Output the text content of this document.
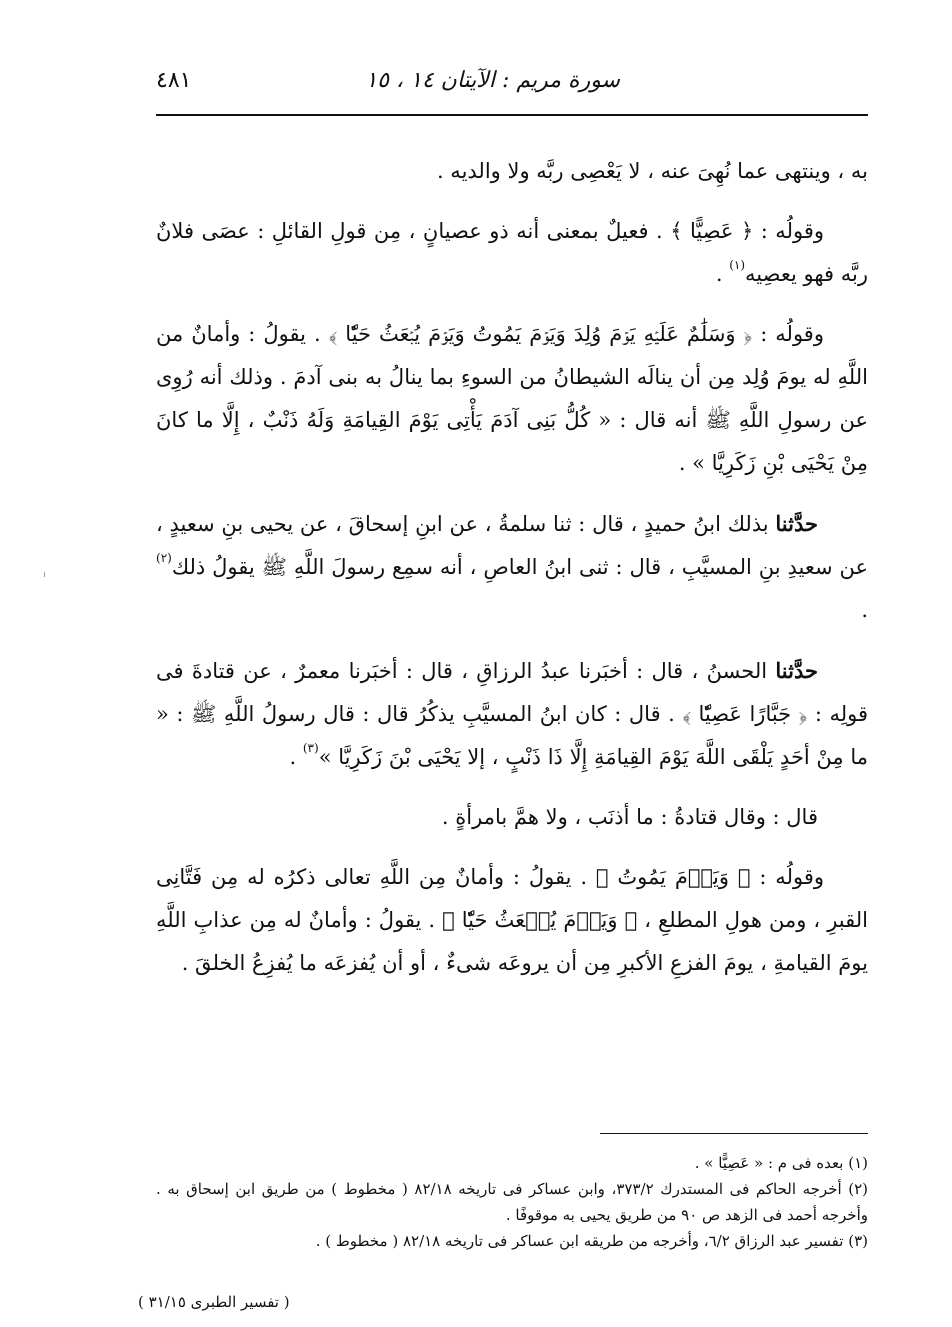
سورة مريم : الآيتان ١٤ ، ١٥
٤٨١

به ، وينتهى عما نُهِىَ عنه ، لا يَعْصِى ربَّه ولا والديه .

وقولُه : ﴿ عَصِيًّا ﴾ . فعيلٌ بمعنى أنه ذو عصيانٍ ، مِن قولِ القائلِ : عصَى فلانٌ ربَّه فهو يعصِيه$^{(١)}$ .

وقولُه : ﴿ وَسَلَٰمٌ عَلَيۡهِ يَوۡمَ وُلِدَ وَيَوۡمَ يَمُوتُ وَيَوۡمَ يُبۡعَثُ حَيّٗا ﴾ . يقولُ : وأمانٌ من اللَّهِ له يومَ وُلِد مِن أن ينالَه الشيطانُ من السوءِ بما ينالُ به بنى آدمَ . وذلك أنه رُوِى عن رسولِ اللَّهِ ﷺ أنه قال : « كُلُّ بَنِى آدَمَ يَأْتِى يَوْمَ القِيامَةِ وَلَهُ ذَنْبٌ ، إِلَّا ما كانَ مِنْ يَحْيَى بْنِ زَكَرِيَّا » .

حدَّثنا بذلك ابنُ حميدٍ ، قال : ثنا سلمةُ ، عن ابنِ إسحاقَ ، عن يحيى بنِ سعيدٍ ، عن سعيدِ بنِ المسيَّبِ ، قال : ثنى ابنُ العاصِ ، أنه سمِع رسولَ اللَّهِ ﷺ يقولُ ذلك$^{(٢)}$ .

حدَّثنا الحسنُ ، قال : أخبَرنا عبدُ الرزاقِ ، قال : أخبَرنا معمرٌ ، عن قتادةَ فى قولِه : ﴿ جَبَّارًا عَصِيّٗا ﴾ . قال : كان ابنُ المسيَّبِ يذكُرُ قال : قال رسولُ اللَّهِ ﷺ : « ما مِنْ أحَدٍ يَلْقَى اللَّهَ يَوْمَ القِيامَةِ إِلَّا ذَا ذَنْبٍ ، إلا يَحْيَى بْنَ زَكَرِيَّا »$^{(٣)}$ .

قال : وقال قتادةُ : ما أذنَب ، ولا همَّ بامرأةٍ .

وقولُه : ﴿ وَيَوۡمَ يَمُوتُ ﴾ . يقولُ : وأمانٌ مِن اللَّهِ تعالى ذكرُه له مِن فَتَّانِى القبرِ ، ومن هولِ المطلعِ ، ﴿ وَيَوۡمَ يُبۡعَثُ حَيّٗا ﴾ . يقولُ : وأمانٌ له مِن عذابِ اللَّهِ يومَ القيامةِ ، يومَ الفزعِ الأكبرِ مِن أن يروعَه شىءٌ ، أو أن يُفزعَه ما يُفزِعُ الخلقَ .

(١) بعده فى م : « عَصِيًّا » .

(٢) أخرجه الحاكم فى المستدرك ٣٧٣/٢، وابن عساكر فى تاريخه ٨٢/١٨ ( مخطوط ) من طريق ابن إسحاق به . وأخرجه أحمد فى الزهد ص ٩٠ من طريق يحيى به موقوفًا .

(٣) تفسير عبد الرزاق ٦/٢، وأخرجه من طريقه ابن عساكر فى تاريخه ٨٢/١٨ ( مخطوط ) .

( تفسير الطبرى ٣١/١٥ )
